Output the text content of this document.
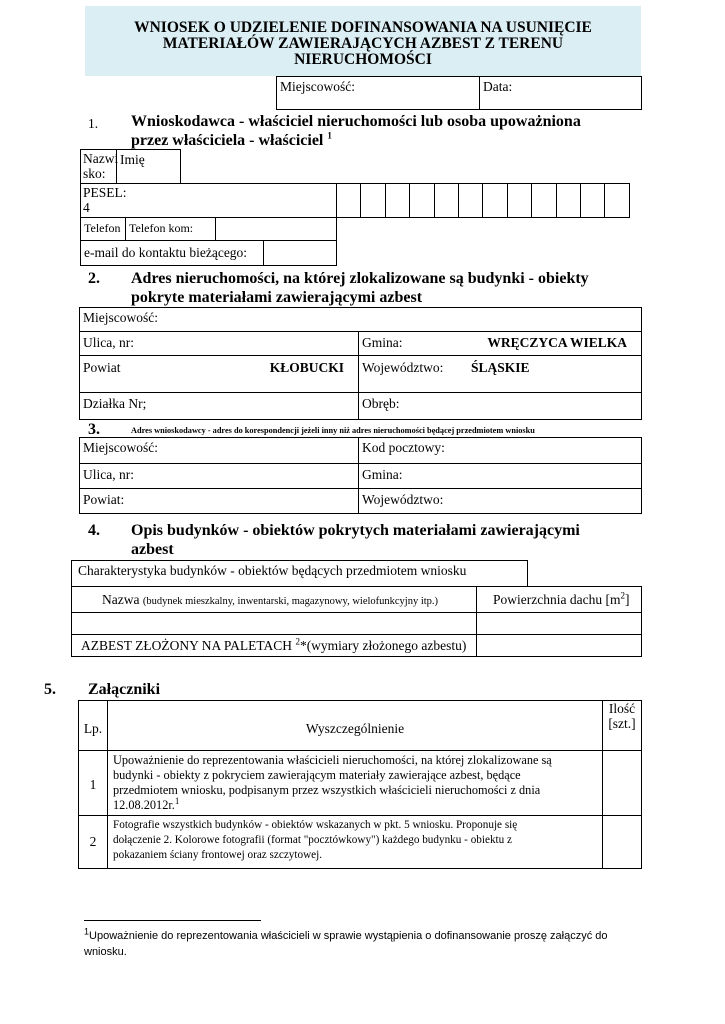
WNIOSEK O UDZIELENIE DOFINANSOWANIA NA USUNIĘCIE
MATERIAŁÓW ZAWIERAJĄCYCH AZBEST Z TERENU
NIERUCHOMOŚCI
Miejscowość:	Data:
1. Wnioskodawca - właściciel nieruchomości lub osoba upoważniona
przez właściciela - właściciel $^1$
Nazwi
sko:
Imię
PESEL:
4
Telefon Telefon kom:
e-mail do kontaktu bieżącego:
2. Adres nieruchomości, na której zlokalizowane są budynki - obiekty
pokryte materiałami zawierającymi azbest
Miejscowość:
Ulica, nr:	Gmina:	WRĘCZYCA WIELKA
Powiat	KŁOBUCKI Województwo: ŚLĄSKIE
Działka Nr;	Obręb:
3.	Adres wnioskodawcy - adres do korespondencji jeżeli inny niż adres nieruchomości będącej przedmiotem wniosku
Miejscowość:	Kod pocztowy:
Ulica, nr:	Gmina:
Powiat:	Województwo:
4. Opis budynków - obiektów pokrytych materiałami zawierającymi
azbest
Charakterystyka budynków - obiektów będących przedmiotem wniosku
Nazwa (budynek mieszkalny, inwentarski, magazynowy, wielofunkcyjny itp.)	Powierzchnia dachu $[m^2]$
AZBEST ZŁOŻONY NA PALETACH $^2$*(wymiary złożonego azbestu)
5. Załączniki
Lp.	Wyszczególnienie
Ilość
[szt.]
1
Upoważnienie do reprezentowania właścicieli nieruchomości, na której zlokalizowane są
budynki - obiekty z pokryciem zawierającym materiały zawierające azbest, będące
przedmiotem wniosku, podpisanym przez wszystkich właścicieli nieruchomości z dnia
12.08.2012r.$^1$
2
Fotografie wszystkich budynków - obiektów wskazanych w pkt. 5 wniosku. Proponuje się
dołączenie 2. Kolorowe fotografii (format "pocztówkowy") każdego budynku - obiektu z
pokazaniem ściany frontowej oraz szczytowej.
$^1$Upoważnienie do reprezentowania właścicieli w sprawie wystąpienia o dofinansowanie proszę załączyć do
wniosku.
